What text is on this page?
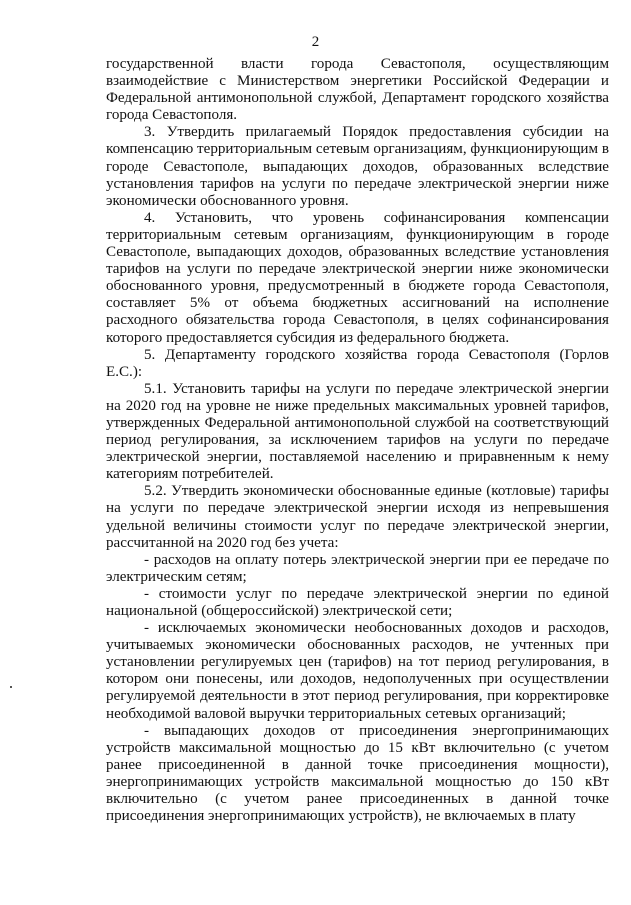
2

государственной власти города Севастополя, осуществляющим взаимодействие с Министерством энергетики Российской Федерации и Федеральной антимонопольной службой, Департамент городского хозяйства города Севастополя.

3. Утвердить прилагаемый Порядок предоставления субсидии на компенсацию территориальным сетевым организациям, функционирующим в городе Севастополе, выпадающих доходов, образованных вследствие установления тарифов на услуги по передаче электрической энергии ниже экономически обоснованного уровня.

4. Установить, что уровень софинансирования компенсации территориальным сетевым организациям, функционирующим в городе Севастополе, выпадающих доходов, образованных вследствие установления тарифов на услуги по передаче электрической энергии ниже экономически обоснованного уровня, предусмотренный в бюджете города Севастополя, составляет 5% от объема бюджетных ассигнований на исполнение расходного обязательства города Севастополя, в целях софинансирования которого предоставляется субсидия из федерального бюджета.

5. Департаменту городского хозяйства города Севастополя (Горлов Е.С.):

5.1. Установить тарифы на услуги по передаче электрической энергии на 2020 год на уровне не ниже предельных максимальных уровней тарифов, утвержденных Федеральной антимонопольной службой на соответствующий период регулирования, за исключением тарифов на услуги по передаче электрической энергии, поставляемой населению и приравненным к нему категориям потребителей.

5.2. Утвердить экономически обоснованные единые (котловые) тарифы на услуги по передаче электрической энергии исходя из непревышения удельной величины стоимости услуг по передаче электрической энергии, рассчитанной на 2020 год без учета:

- расходов на оплату потерь электрической энергии при ее передаче по электрическим сетям;

- стоимости услуг по передаче электрической энергии по единой национальной (общероссийской) электрической сети;

- исключаемых экономически необоснованных доходов и расходов, учитываемых экономически обоснованных расходов, не учтенных при установлении регулируемых цен (тарифов) на тот период регулирования, в котором они понесены, или доходов, недополученных при осуществлении регулируемой деятельности в этот период регулирования, при корректировке необходимой валовой выручки территориальных сетевых организаций;

- выпадающих доходов от присоединения энергопринимающих устройств максимальной мощностью до 15 кВт включительно (с учетом ранее присоединенной в данной точке присоединения мощности), энергопринимающих устройств максимальной мощностью до 150 кВт включительно (с учетом ранее присоединенных в данной точке присоединения энергопринимающих устройств), не включаемых в плату
